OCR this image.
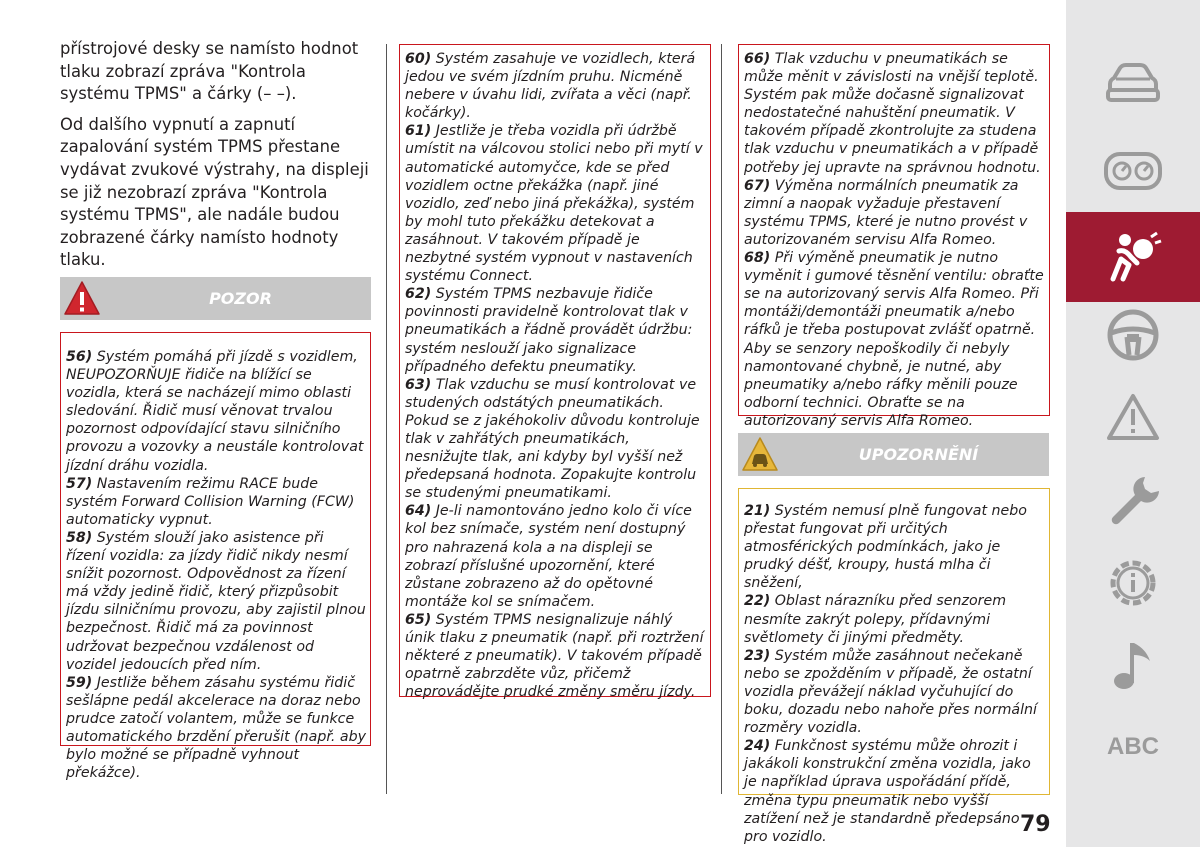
přístrojové desky se namísto hodnot tlaku zobrazí zpráva "Kontrola systému TPMS" a čárky (– –).

Od dalšího vypnutí a zapnutí zapalování systém TPMS přestane vydávat zvukové výstrahy, na displeji se již nezobrazí zpráva "Kontrola systému TPMS", ale nadále budou zobrazené čárky namísto hodnoty tlaku.

POZOR

56) Systém pomáhá při jízdě s vozidlem, NEUPOZORŇUJE řidiče na blížící se vozidla, která se nacházejí mimo oblasti sledování. Řidič musí věnovat trvalou pozornost odpovídající stavu silničního provozu a vozovky a neustále kontrolovat jízdní dráhu vozidla.

57) Nastavením režimu RACE bude systém Forward Collision Warning (FCW) automaticky vypnut.

58) Systém slouží jako asistence při řízení vozidla: za jízdy řidič nikdy nesmí snížit pozornost. Odpovědnost za řízení má vždy jedině řidič, který přizpůsobit jízdu silničnímu provozu, aby zajistil plnou bezpečnost. Řidič má za povinnost udržovat bezpečnou vzdálenost od vozidel jedoucích před ním.

59) Jestliže během zásahu systému řidič sešlápne pedál akcelerace na doraz nebo prudce zatočí volantem, může se funkce automatického brzdění přerušit (např. aby bylo možné se případně vyhnout překážce).

60) Systém zasahuje ve vozidlech, která jedou ve svém jízdním pruhu. Nicméně nebere v úvahu lidi, zvířata a věci (např. kočárky).

61) Jestliže je třeba vozidla při údržbě umístit na válcovou stolici nebo při mytí v automatické automyčce, kde se před vozidlem octne překážka (např. jiné vozidlo, zeď nebo jiná překážka), systém by mohl tuto překážku detekovat a zasáhnout. V takovém případě je nezbytné systém vypnout v nastaveních systému Connect.

62) Systém TPMS nezbavuje řidiče povinnosti pravidelně kontrolovat tlak v pneumatikách a řádně provádět údržbu: systém neslouží jako signalizace případného defektu pneumatiky.

63) Tlak vzduchu se musí kontrolovat ve studených odstátých pneumatikách. Pokud se z jakéhokoliv důvodu kontroluje tlak v zahřátých pneumatikách, nesnižujte tlak, ani kdyby byl vyšší než předepsaná hodnota. Zopakujte kontrolu se studenými pneumatikami.

64) Je-li namontováno jedno kolo či více kol bez snímače, systém není dostupný pro nahrazená kola a na displeji se zobrazí příslušné upozornění, které zůstane zobrazeno až do opětovné montáže kol se snímačem.

65) Systém TPMS nesignalizuje náhlý únik tlaku z pneumatik (např. při roztržení některé z pneumatik). V takovém případě opatrně zabrzděte vůz, přičemž neprovádějte prudké změny směru jízdy.

66) Tlak vzduchu v pneumatikách se může měnit v závislosti na vnější teplotě. Systém pak může dočasně signalizovat nedostatečné nahuštění pneumatik. V takovém případě zkontrolujte za studena tlak vzduchu v pneumatikách a v případě potřeby jej upravte na správnou hodnotu.

67) Výměna normálních pneumatik za zimní a naopak vyžaduje přestavení systému TPMS, které je nutno provést v autorizovaném servisu Alfa Romeo.

68) Při výměně pneumatik je nutno vyměnit i gumové těsnění ventilu: obraťte se na autorizovaný servis Alfa Romeo. Při montáži/demontáži pneumatik a/nebo ráfků je třeba postupovat zvlášť opatrně. Aby se senzory nepoškodily či nebyly namontované chybně, je nutné, aby pneumatiky a/nebo ráfky měnili pouze odborní technici. Obraťte se na autorizovaný servis Alfa Romeo.

UPOZORNĚNÍ

21) Systém nemusí plně fungovat nebo přestat fungovat při určitých atmosférických podmínkách, jako je prudký déšť, kroupy, hustá mlha či sněžení,

22) Oblast nárazníku před senzorem nesmíte zakrýt polepy, přídavnými světlomety či jinými předměty.

23) Systém může zasáhnout nečekaně nebo se zpožděním v případě, že ostatní vozidla převážejí náklad vyčuhující do boku, dozadu nebo nahoře přes normální rozměry vozidla.

24) Funkčnost systému může ohrozit i jakákoli konstrukční změna vozidla, jako je například úprava uspořádání přídě, změna typu pneumatik nebo vyšší zatížení než je standardně předepsáno pro vozidlo.	79
ABC
